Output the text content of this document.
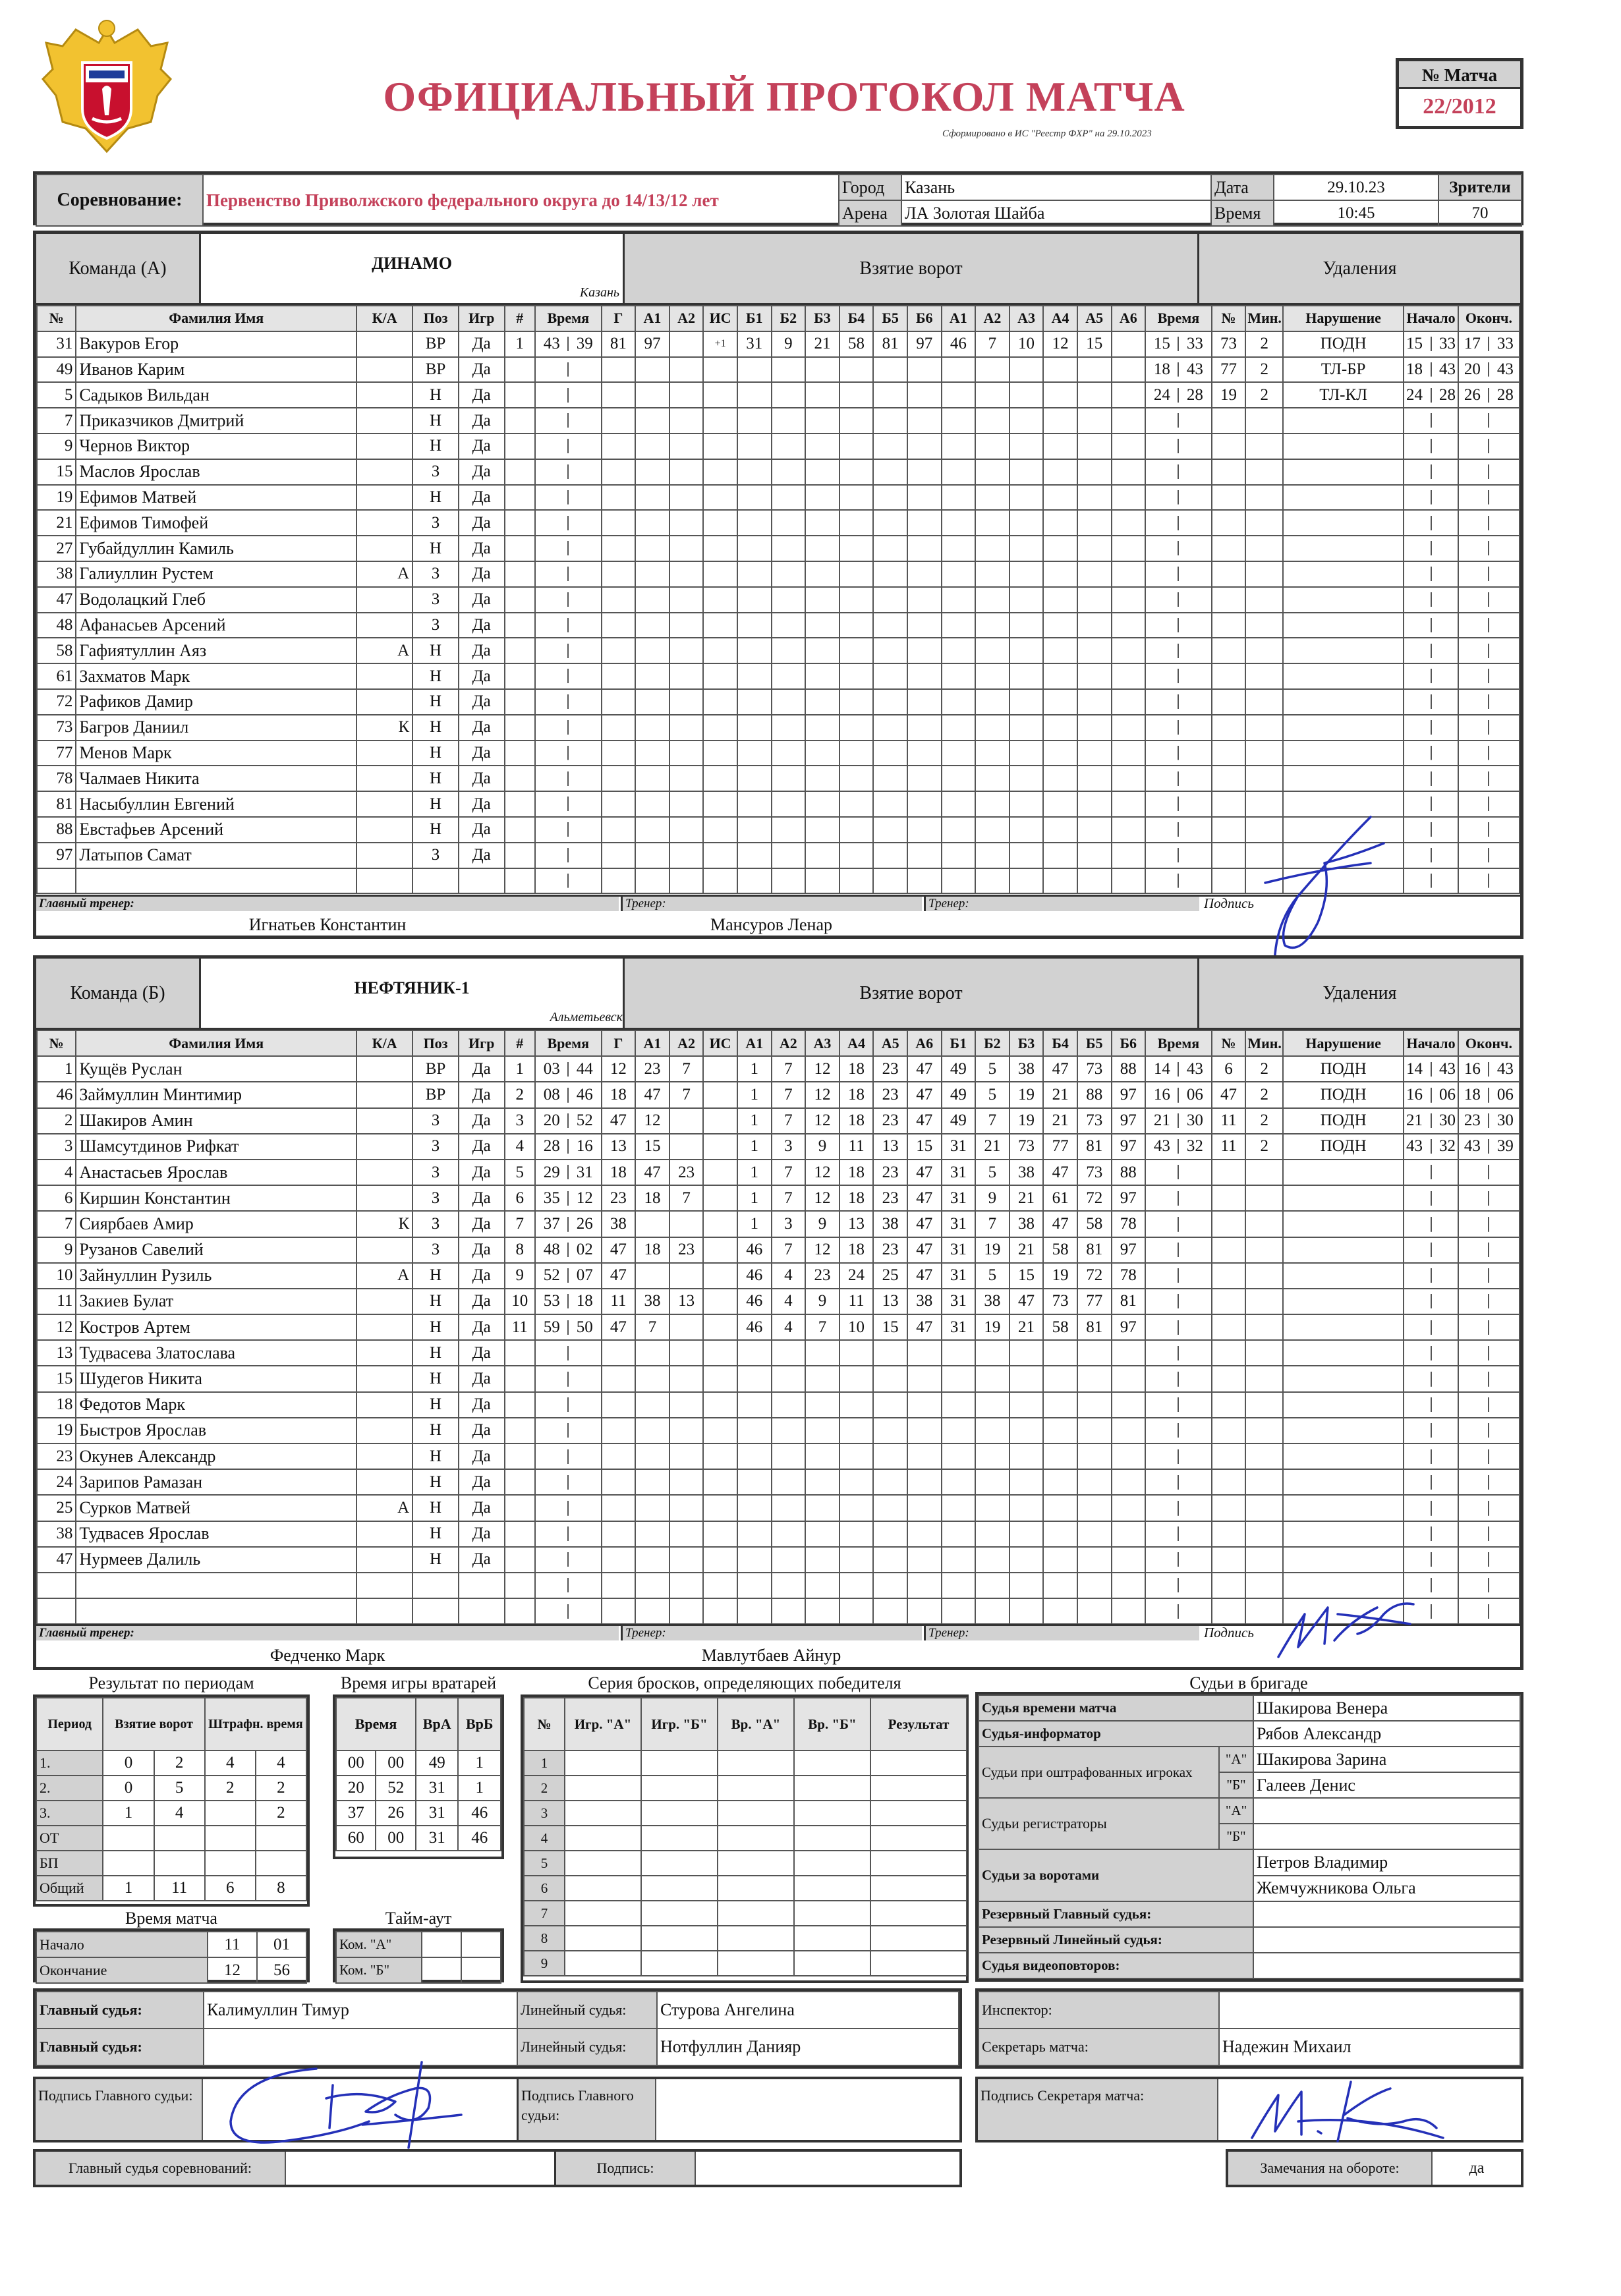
ОФИЦИАЛЬНЫЙ ПРОТОКОЛ МАТЧА
Сформировано в ИС "Реестр ФХР" на 29.10.2023
№ Матча
22/2012
Соревнование:	Первенство Приволжского федерального округа до 14/13/12 лет	Город	Казань	Дата	29.10.23	Зрители
		Арена	ЛА Золотая Шайба	Время	10:45	70
Команда (А)	ДИНАМО
Казань
Взятие ворот	Удаления
№	Фамилия Имя	К/А	Поз	Игр	#	Время	Г	А1	А2	ИС	Б1	Б2	Б3	Б4	Б5	Б6	А1	А2	А3	А4	А5	А6	Время	№	Мин.	Нарушение	Начало	Оконч.
31	Вакуров Егор		ВР	Да	1	43 39	81	97		+1	31	9	21	58	81	97	46	7	10	12	15		15 33	73	2	ПОДН	15 33	17 33
49	Иванов Карим		ВР	Да																			18 43	77	2	ТЛ-БР	18 43	20 43
5	Садыков Вильдан		Н	Да																			24 28	19	2	ТЛ-КЛ	24 28	26 28
7	Приказчиков Дмитрий		Н	Да																								
9	Чернов Виктор		Н	Да																								
15	Маслов Ярослав		З	Да																								
19	Ефимов Матвей		Н	Да																								
21	Ефимов Тимофей		З	Да																								
27	Губайдуллин Камиль		Н	Да																								
38	Галиуллин Рустем	А	З	Да																								
47	Водолацкий Глеб		З	Да																								
48	Афанасьев Арсений		З	Да																								
58	Гафиятуллин Аяз	А	Н	Да																								
61	Захматов Марк		Н	Да																								
72	Рафиков Дамир		Н	Да																								
73	Багров Даниил	К	Н	Да																								
77	Менов Марк		Н	Да																								
78	Чалмаев Никита		Н	Да																								
81	Насыбуллин Евгений		Н	Да																								
88	Евстафьев Арсений		Н	Да																								
97	Латыпов Самат		З	Да																								

Главный тренер:
Игнатьев Константин
Тренер:
Мансуров Ленар
Тренер:	Подпись
Команда (Б)	НЕФТЯНИК-1
Альметьевск
Взятие ворот	Удаления
№	Фамилия Имя	К/А	Поз	Игр	#	Время	Г	А1	А2	ИС	А1	А2	А3	А4	А5	А6	Б1	Б2	Б3	Б4	Б5	Б6	Время	№	Мин.	Нарушение	Начало	Оконч.
1	Кущёв Руслан		ВР	Да	1	03 44	12	23	7		1	7	12	18	23	47	49	5	38	47	73	88	14 43	6	2	ПОДН	14 43	16 43
46	Займуллин Минтимир		ВР	Да	2	08 46	18	47	7		1	7	12	18	23	47	49	5	19	21	88	97	16 06	47	2	ПОДН	16 06	18 06
2	Шакиров Амин		З	Да	3	20 52	47	12			1	7	12	18	23	47	49	7	19	21	73	97	21 30	11	2	ПОДН	21 30	23 30
3	Шамсутдинов Рифкат		З	Да	4	28 16	13	15			1	3	9	11	13	15	31	21	73	77	81	97	43 32	11	2	ПОДН	43 32	43 39
4	Анастасьев Ярослав		З	Да	5	29 31	18	47	23		1	7	12	18	23	47	31	5	38	47	73	88						
6	Киршин Константин		З	Да	6	35 12	23	18	7		1	7	12	18	23	47	31	9	21	61	72	97						
7	Сиярбаев Амир	К	З	Да	7	37 26	38				1	3	9	13	38	47	31	7	38	47	58	78						
9	Рузанов Савелий		З	Да	8	48 02	47	18	23		46	7	12	18	23	47	31	19	21	58	81	97						
10	Зайнуллин Рузиль	А	Н	Да	9	52 07	47				46	4	23	24	25	47	31	5	15	19	72	78						
11	Закиев Булат		Н	Да	10	53 18	11	38	13		46	4	9	11	13	38	31	38	47	73	77	81						
12	Костров Артем		Н	Да	11	59 50	47	7			46	4	7	10	15	47	31	19	21	58	81	97						
13	Тудвасева Златослава		Н	Да																								
15	Шудегов Никита		Н	Да																								
18	Федотов Марк		Н	Да																								
19	Быстров Ярослав		Н	Да																								
23	Окунев Александр		Н	Да																								
24	Зарипов Рамазан		Н	Да																								
25	Сурков Матвей	А	Н	Да																								
38	Тудвасев Ярослав		Н	Да																								
47	Нурмеев Далиль		Н	Да																								

Главный тренер:
Федченко Марк
Тренер:
Мавлутбаев Айнур
Тренер:	Подпись
Результат по периодам
Период	Взятие ворот		Штрафн. время	
1.	0	2	4	4
2.	0	5	2	2
3.	1	4		2
ОТ				
БП				
Общий	1	11	6	8
Время игры вратарей
Время		ВрА	ВрБ
00	00	49	1
20	52	31	1
37	26	31	46
60	00	31	46
Время матча
Начало	11	01
Окончание	12	56
Тайм-аут
Ком. "А"		
Ком. "Б"		
Серия бросков, определяющих победителя
№	Игр. "А"	Игр. "Б"	Вр. "А"	Вр. "Б"	Результат
1					
2					
3					
4					
5					
6					
7					
8					
9					
Судьи в бригаде
Судья времени матча		Шакирова Венера
Судья-информатор		Рябов Александр
Судьи при оштрафованных игроках	"А"	Шакирова Зарина
	"Б"	Галеев Денис
Судьи регистраторы	"А"	
	"Б"	
Судьи за воротами		Петров Владимир
		Жемчужникова Ольга
Резервный Главный судья:		
Резервный Линейный судья:		
Судья видеоповторов:		
Главный судья:	Калимуллин Тимур	Линейный судья:	Стурова Ангелина
Главный судья:		Линейный судья:	Нотфуллин Данияр
Инспектор:	
Секретарь матча:	Надежин Михаил
Подпись Главного судьи:	Подпись Главного судьи:
Подпись Секретаря матча:
Главный судья соревнований:	Подпись:	Замечания на обороте:	да
